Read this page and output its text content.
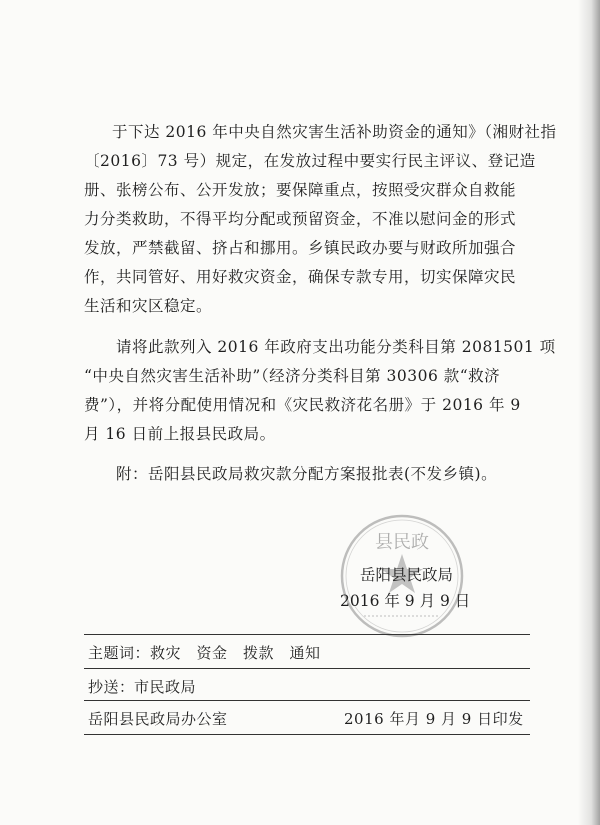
于下达 2016 年中央自然灾害生活补助资金的通知》（湘财社指
〔2016〕73 号）规定，在发放过程中要实行民主评议、登记造
册、张榜公布、公开发放；要保障重点，按照受灾群众自救能
力分类救助，不得平均分配或预留资金，不准以慰问金的形式
发放，严禁截留、挤占和挪用。乡镇民政办要与财政所加强合
作，共同管好、用好救灾资金，确保专款专用，切实保障灾民
生活和灾区稳定。
请将此款列入 2016 年政府支出功能分类科目第 2081501 项
“中央自然灾害生活补助”（经济分类科目第 30306 款“救济
费”），并将分配使用情况和《灾民救济花名册》于 2016 年 9
月 16 日前上报县民政局。
附：岳阳县民政局救灾款分配方案报批表(不发乡镇)。
县民政
岳阳县民政局
2016 年 9 月 9 日
主题词： 救灾　资金　拨款　通知
抄送： 市民政局
岳阳县民政局办公室	2016 年月 9 月 9 日印发
